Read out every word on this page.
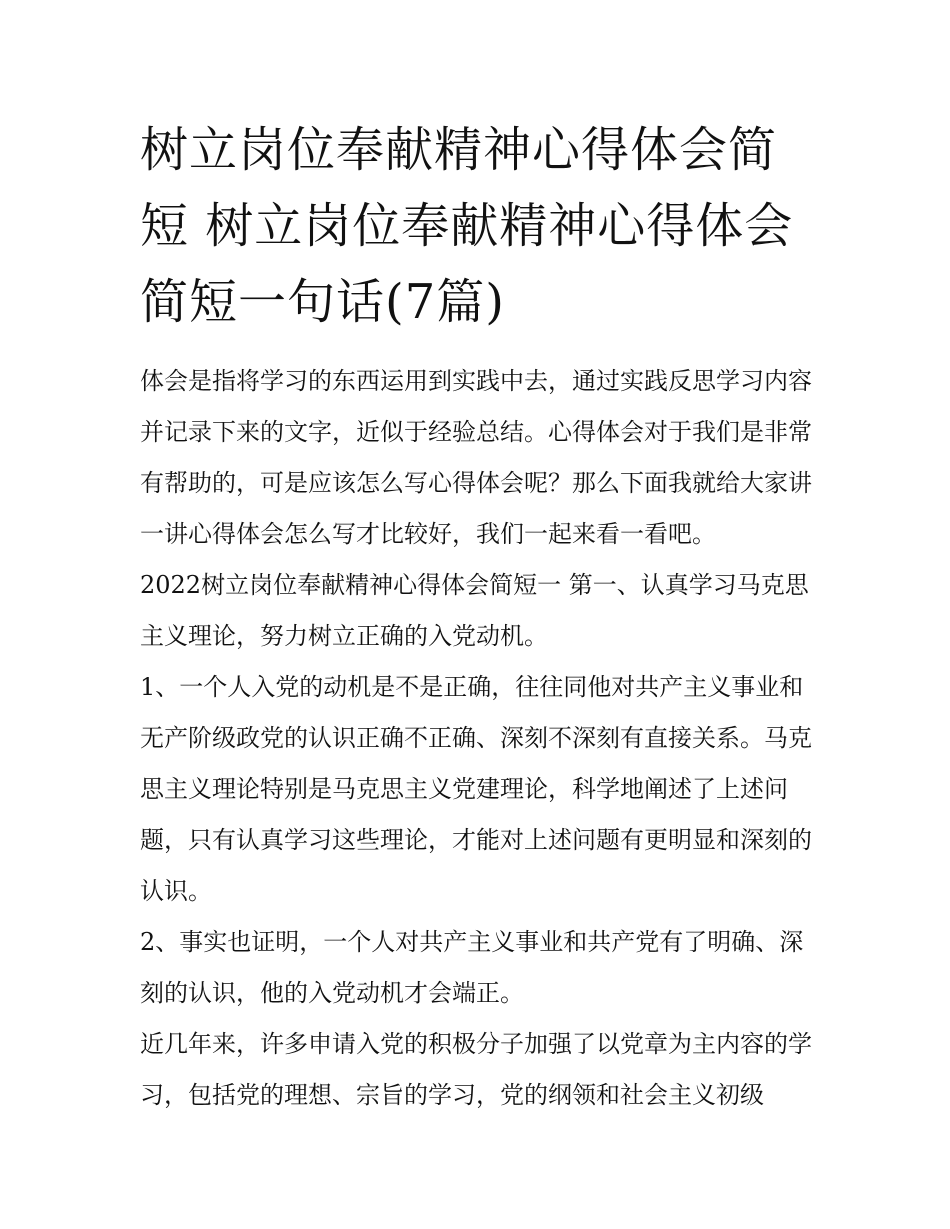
树立岗位奉献精神心得体会简短 树立岗位奉献精神心得体会简短一句话(7篇)

体会是指将学习的东西运用到实践中去，通过实践反思学习内容并记录下来的文字，近似于经验总结。心得体会对于我们是非常有帮助的，可是应该怎么写心得体会呢？那么下面我就给大家讲一讲心得体会怎么写才比较好，我们一起来看一看吧。

2022树立岗位奉献精神心得体会简短一 第一、认真学习马克思主义理论，努力树立正确的入党动机。

1、一个人入党的动机是不是正确，往往同他对共产主义事业和无产阶级政党的认识正确不正确、深刻不深刻有直接关系。马克思主义理论特别是马克思主义党建理论，科学地阐述了上述问题，只有认真学习这些理论，才能对上述问题有更明显和深刻的认识。

2、事实也证明，一个人对共产主义事业和共产党有了明确、深刻的认识，他的入党动机才会端正。

近几年来，许多申请入党的积极分子加强了以党章为主内容的学习，包括党的理想、宗旨的学习，党的纲领和社会主义初级
